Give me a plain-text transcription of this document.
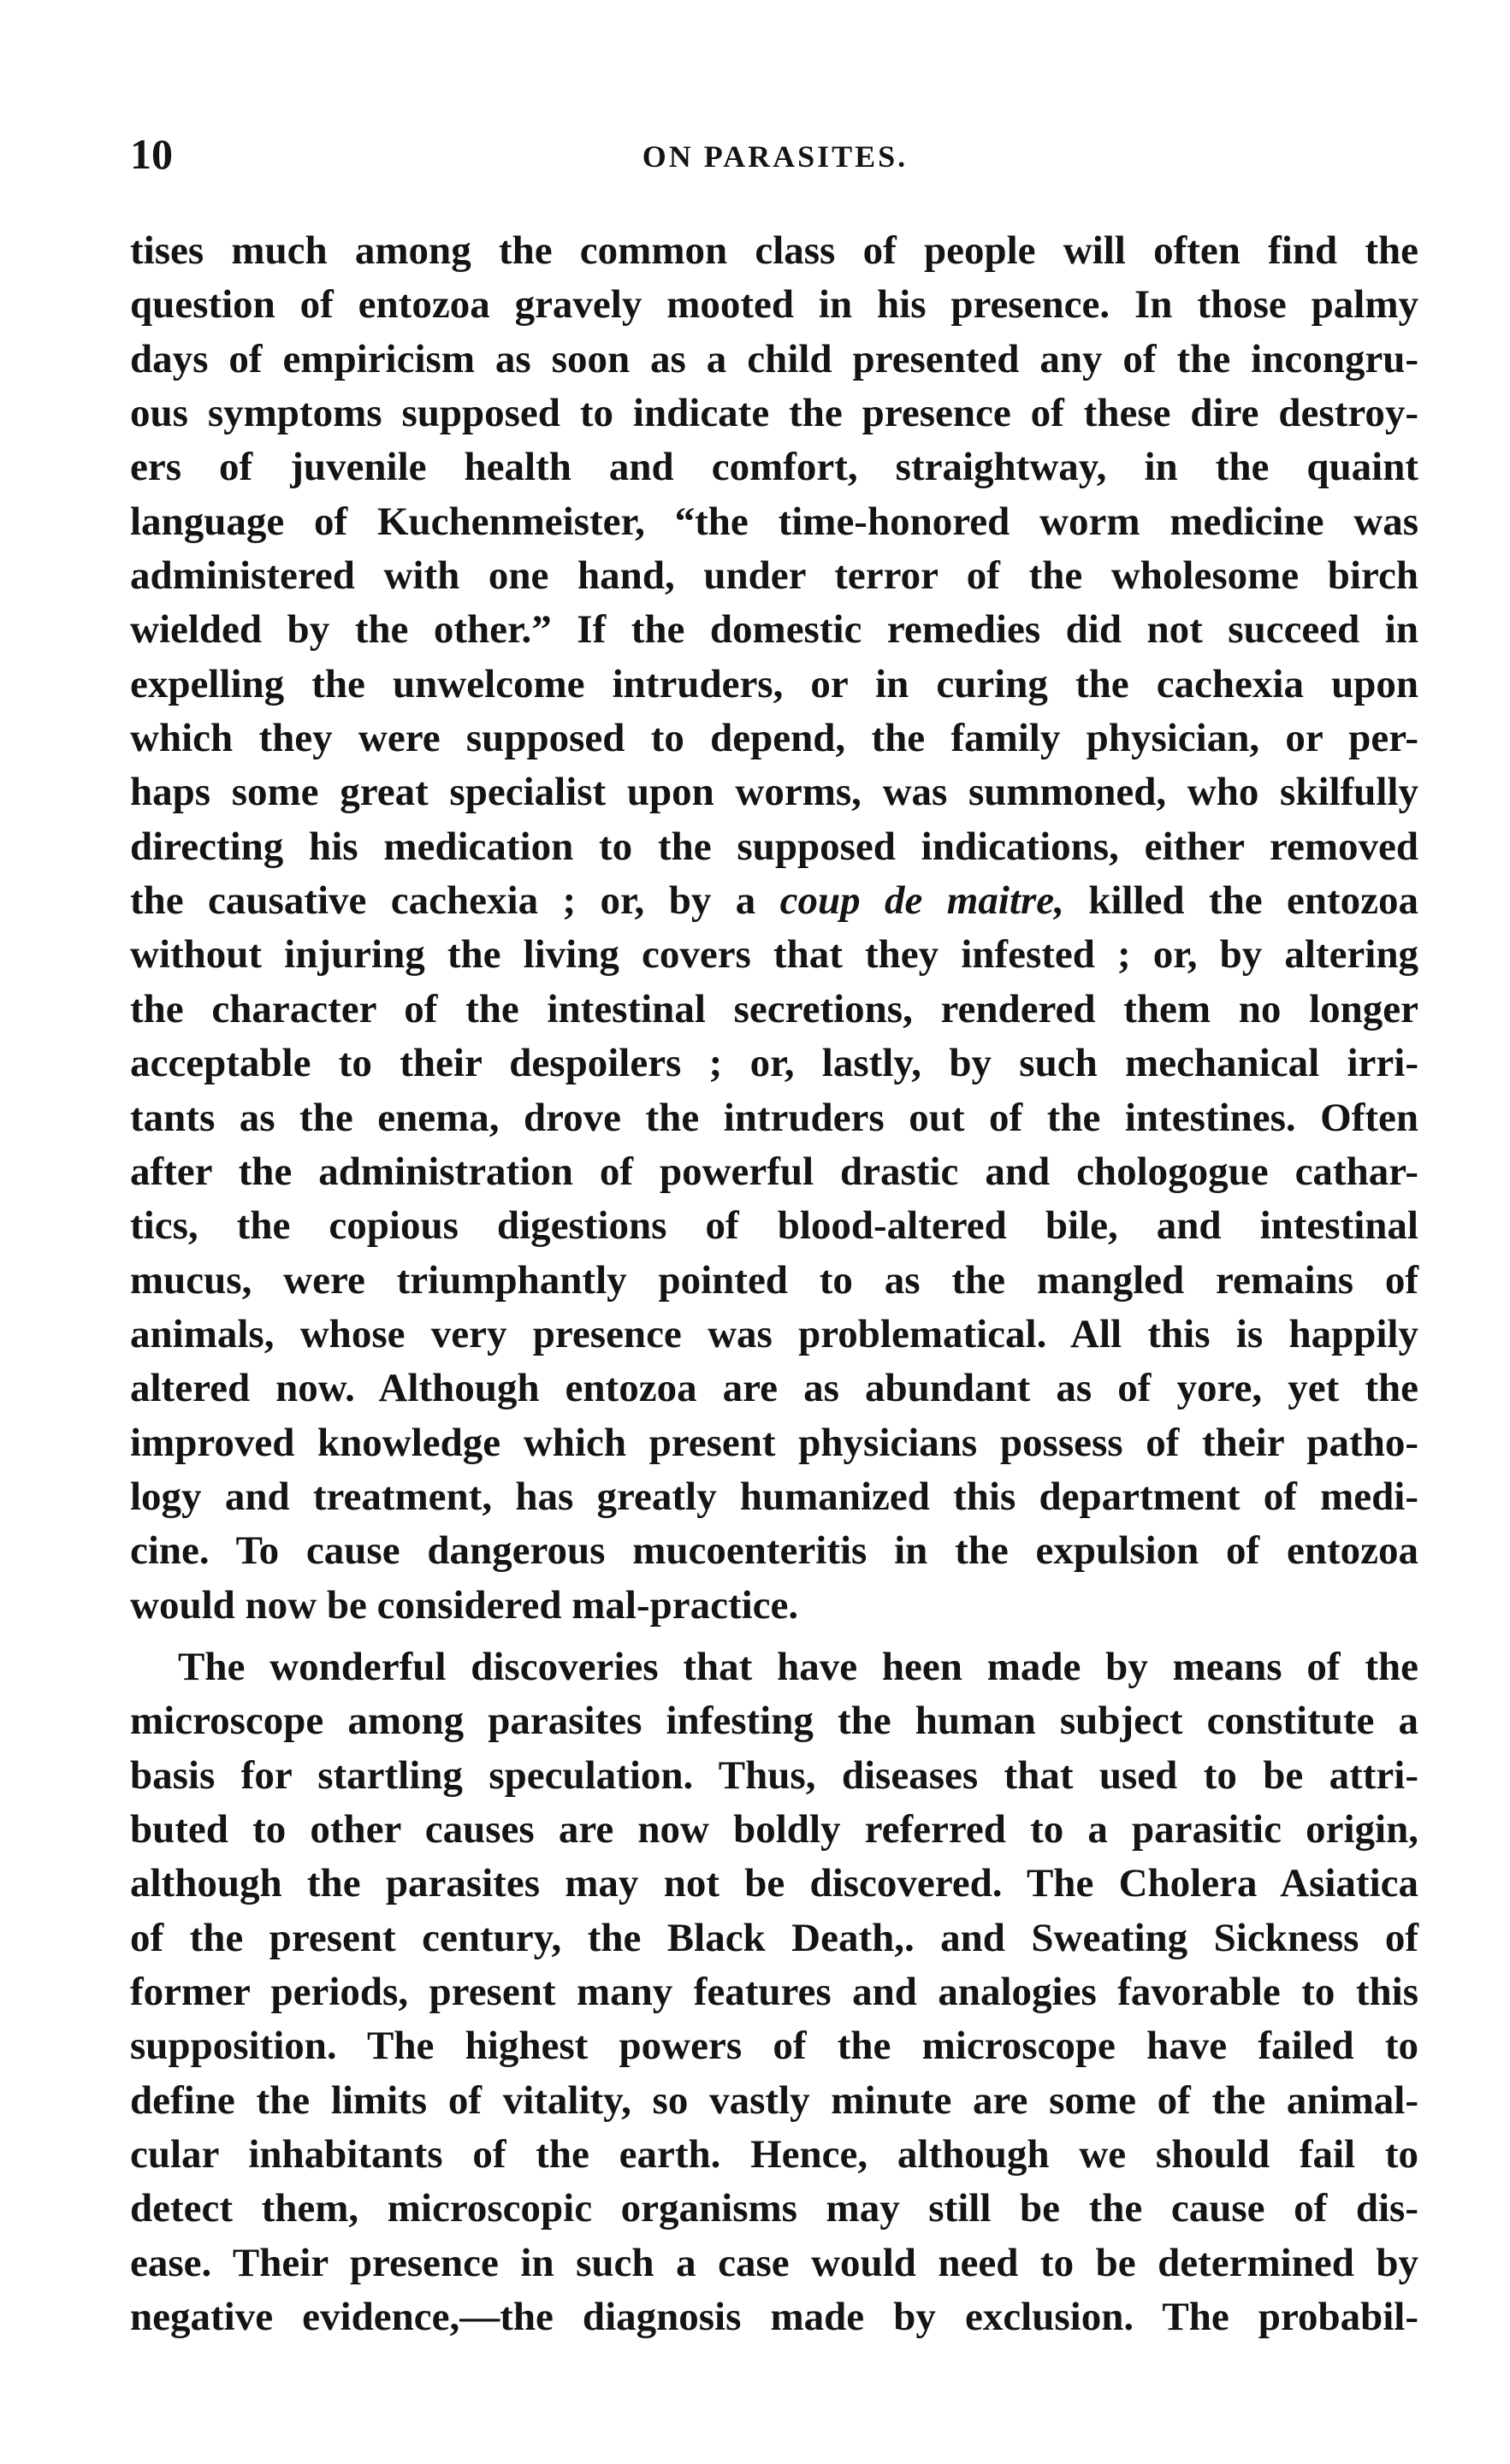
10	ON PARASITES.
tises much among the common class of people will often find the
question of entozoa gravely mooted in his presence. In those palmy
days of empiricism as soon as a child presented any of the incongru-
ous symptoms supposed to indicate the presence of these dire destroy-
ers of juvenile health and comfort, straightway, in the quaint
language of Kuchenmeister, “the time-honored worm medicine was
administered with one hand, under terror of the wholesome birch
wielded by the other.” If the domestic remedies did not succeed in
expelling the unwelcome intruders, or in curing the cachexia upon
which they were supposed to depend, the family physician, or per-
haps some great specialist upon worms, was summoned, who skilfully
directing his medication to the supposed indications, either removed
the causative cachexia ; or, by a coup de maitre, killed the entozoa
without injuring the living covers that they infested ; or, by altering
the character of the intestinal secretions, rendered them no longer
acceptable to their despoilers ; or, lastly, by such mechanical irri-
tants as the enema, drove the intruders out of the intestines. Often
after the administration of powerful drastic and chologogue cathar-
tics, the copious digestions of blood-altered bile, and intestinal
mucus, were triumphantly pointed to as the mangled remains of
animals, whose very presence was problematical. All this is happily
altered now. Although entozoa are as abundant as of yore, yet the
improved knowledge which present physicians possess of their patho-
logy and treatment, has greatly humanized this department of medi-
cine. To cause dangerous mucoenteritis in the expulsion of entozoa
would now be considered mal-practice.
The wonderful discoveries that have heen made by means of the
microscope among parasites infesting the human subject constitute a
basis for startling speculation. Thus, diseases that used to be attri-
buted to other causes are now boldly referred to a parasitic origin,
although the parasites may not be discovered. The Cholera Asiatica
of the present century, the Black Death,. and Sweating Sickness of
former periods, present many features and analogies favorable to this
supposition. The highest powers of the microscope have failed to
define the limits of vitality, so vastly minute are some of the animal-
cular inhabitants of the earth. Hence, although we should fail to
detect them, microscopic organisms may still be the cause of dis-
ease. Their presence in such a case would need to be determined by
negative evidence,—the diagnosis made by exclusion. The probabil-
